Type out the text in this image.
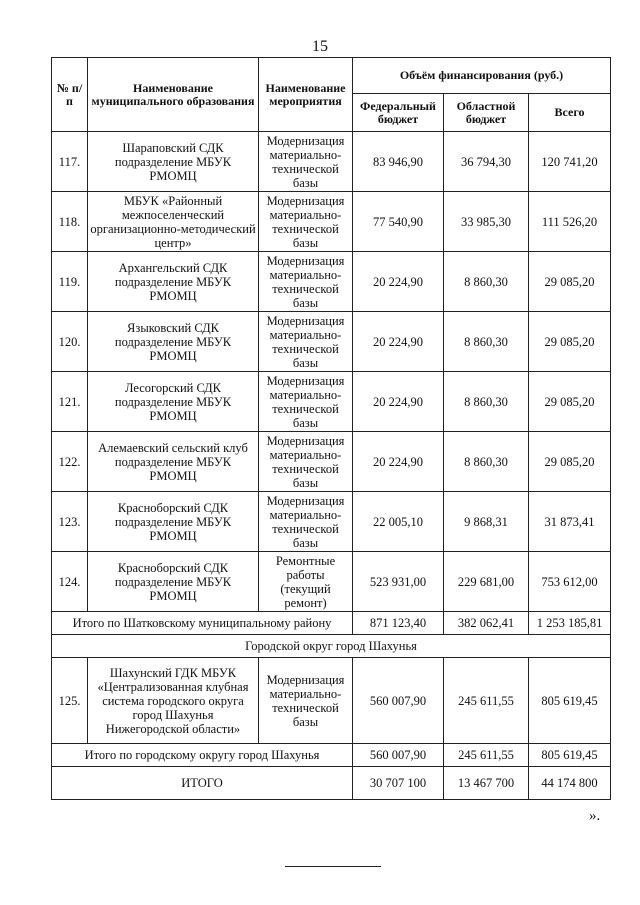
15
№ п/п	Наименование муниципального образования	Наименование мероприятия	Объём финансирования (руб.)		
			Федеральный бюджет	Областной бюджет	Всего
117.	Шараповский СДК подразделение МБУК РМОМЦ	Модернизация материально-технической базы	83 946,90	36 794,30	120 741,20
118.	МБУК «Районный межпоселенческий организационно-методический центр»	Модернизация материально-технической базы	77 540,90	33 985,30	111 526,20
119.	Архангельский СДК подразделение МБУК РМОМЦ	Модернизация материально-технической базы	20 224,90	8 860,30	29 085,20
120.	Языковский СДК подразделение МБУК РМОМЦ	Модернизация материально-технической базы	20 224,90	8 860,30	29 085,20
121.	Лесогорский СДК подразделение МБУК РМОМЦ	Модернизация материально-технической базы	20 224,90	8 860,30	29 085,20
122.	Алемаевский сельский клуб подразделение МБУК РМОМЦ	Модернизация материально-технической базы	20 224,90	8 860,30	29 085,20
123.	Красноборский СДК подразделение МБУК РМОМЦ	Модернизация материально-технической базы	22 005,10	9 868,31	31 873,41
124.	Красноборский СДК подразделение МБУК РМОМЦ	Ремонтные работы (текущий ремонт)	523 931,00	229 681,00	753 612,00
Итого по Шатковскому муниципальному району			871 123,40	382 062,41	1 253 185,81
Городской округ город Шахунья					
125.	Шахунский ГДК МБУК «Централизованная клубная система городского округа город Шахунья Нижегородской области»	Модернизация материально-технической базы	560 007,90	245 611,55	805 619,45
Итого по городскому округу город Шахунья			560 007,90	245 611,55	805 619,45
ИТОГО			30 707 100	13 467 700	44 174 800
».
